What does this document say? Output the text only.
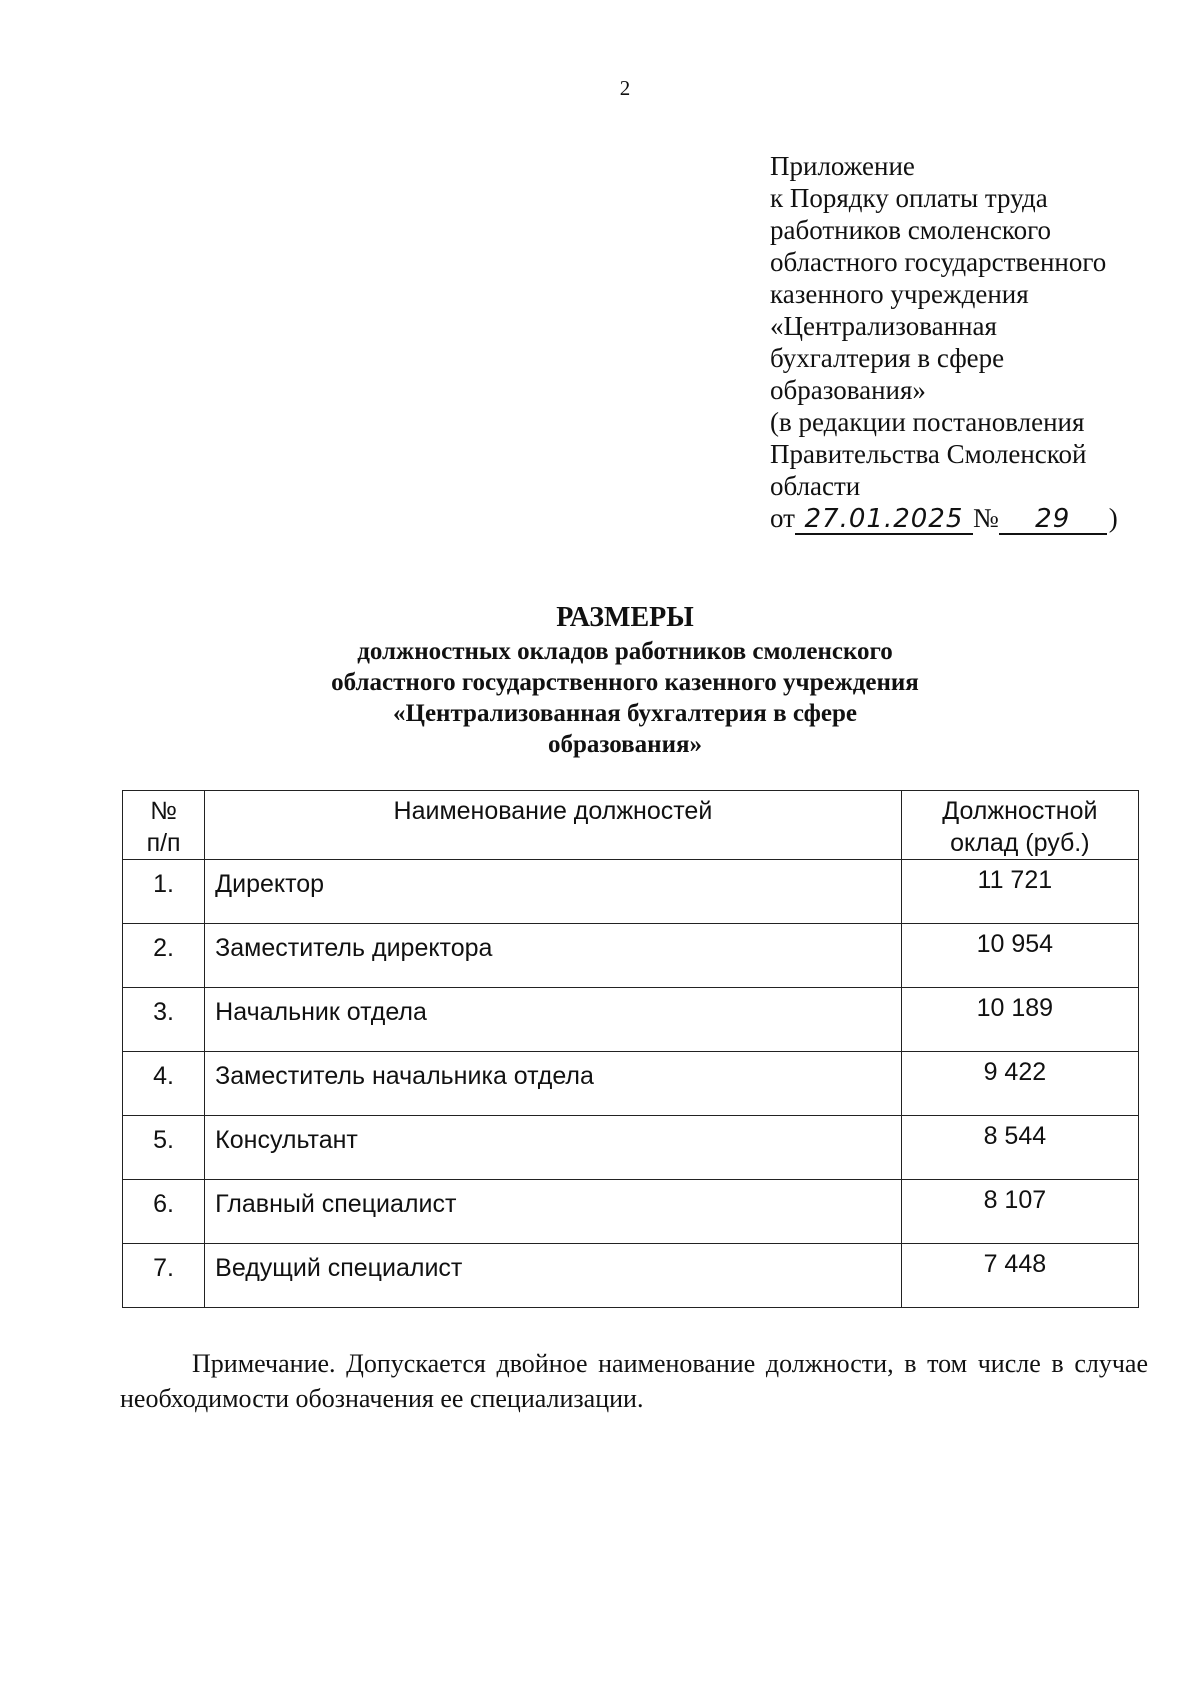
2
Приложение
к Порядку оплаты труда
работников смоленского
областного государственного
казенного учреждения
«Централизованная
бухгалтерия в сфере
образования»
(в редакции постановления
Правительства Смоленской
области
от 27.01.2025 № 29 )
РАЗМЕРЫ
должностных окладов работников смоленского
областного государственного казенного учреждения
«Централизованная бухгалтерия в сфере
образования»
№
п/п	Наименование должностей	Должностной
оклад (руб.)
1.	Директор	11 721
2.	Заместитель директора	10 954
3.	Начальник отдела	10 189
4.	Заместитель начальника отдела	9 422
5.	Консультант	8 544
6.	Главный специалист	8 107
7.	Ведущий специалист	7 448
Примечание. Допускается двойное наименование должности, в том числе в случае необходимости обозначения ее специализации.
